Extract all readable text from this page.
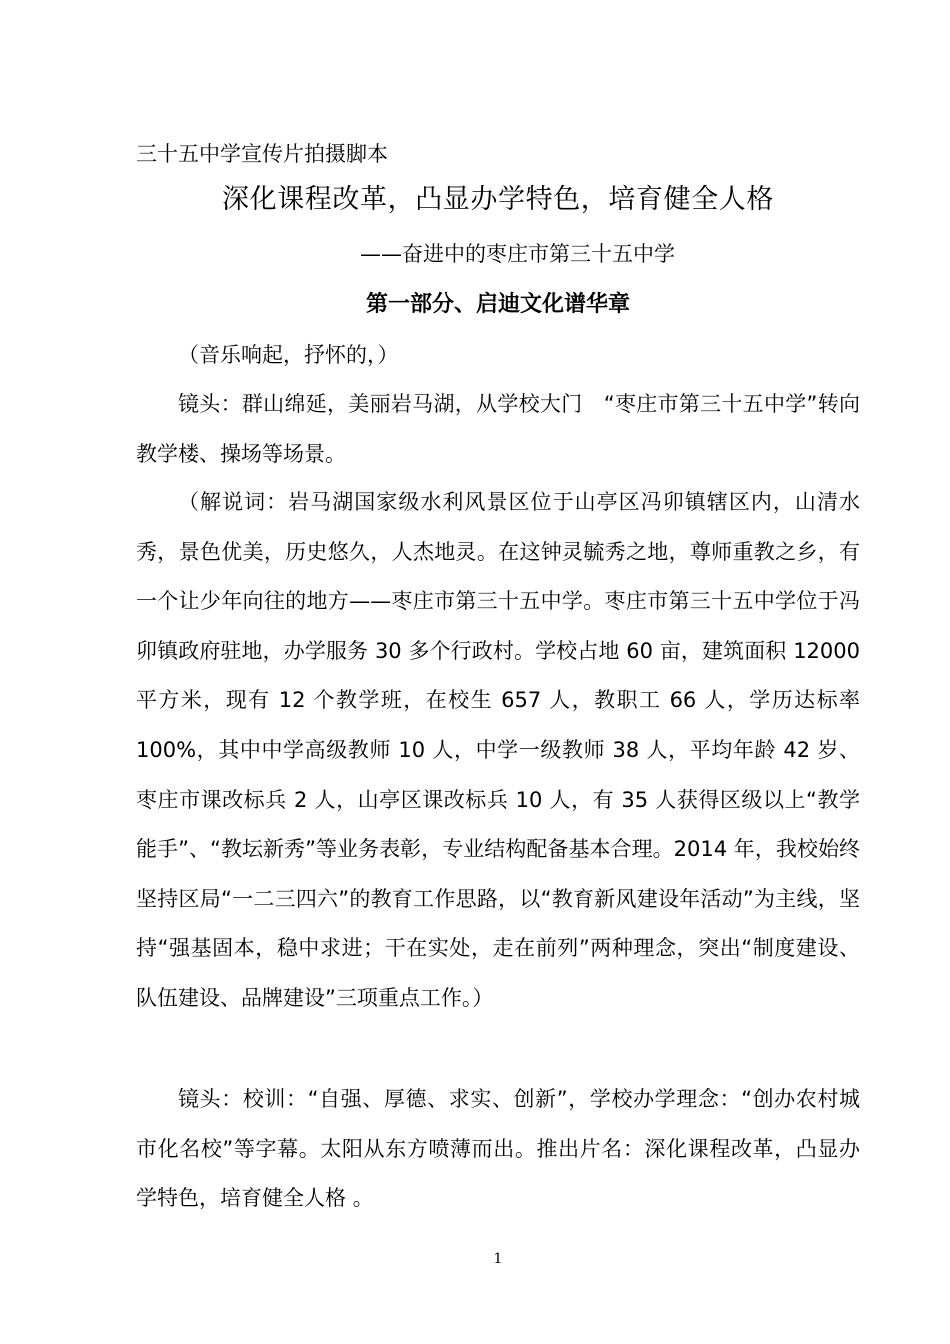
三十五中学宣传片拍摄脚本
深化课程改革，凸显办学特色，培育健全人格
——奋进中的枣庄市第三十五中学
第一部分、启迪文化谱华章

（音乐响起，抒怀的，）

镜头：群山绵延，美丽岩马湖，从学校大门　“枣庄市第三十五中学”转向教学楼、操场等场景。

（解说词：岩马湖国家级水利风景区位于山亭区冯卯镇辖区内，山清水秀，景色优美，历史悠久，人杰地灵。在这钟灵毓秀之地，尊师重教之乡，有一个让少年向往的地方——枣庄市第三十五中学。枣庄市第三十五中学位于冯卯镇政府驻地，办学服务 30 多个行政村。学校占地 60 亩，建筑面积 12000 平方米，现有 12 个教学班，在校生 657 人，教职工 66 人，学历达标率 100%，其中中学高级教师 10 人，中学一级教师 38 人，平均年龄 42 岁、枣庄市课改标兵 2 人，山亭区课改标兵 10 人，有 35 人获得区级以上“教学能手”、“教坛新秀”等业务表彰，专业结构配备基本合理。2014 年，我校始终坚持区局“一二三四六”的教育工作思路，以“教育新风建设年活动”为主线，坚持“强基固本，稳中求进；干在实处，走在前列”两种理念，突出“制度建设、队伍建设、品牌建设”三项重点工作。）

镜头：校训：“自强、厚德、求实、创新”，学校办学理念：“创办农村城市化名校”等字幕。太阳从东方喷薄而出。推出片名：深化课程改革，凸显办学特色，培育健全人格 。

1
